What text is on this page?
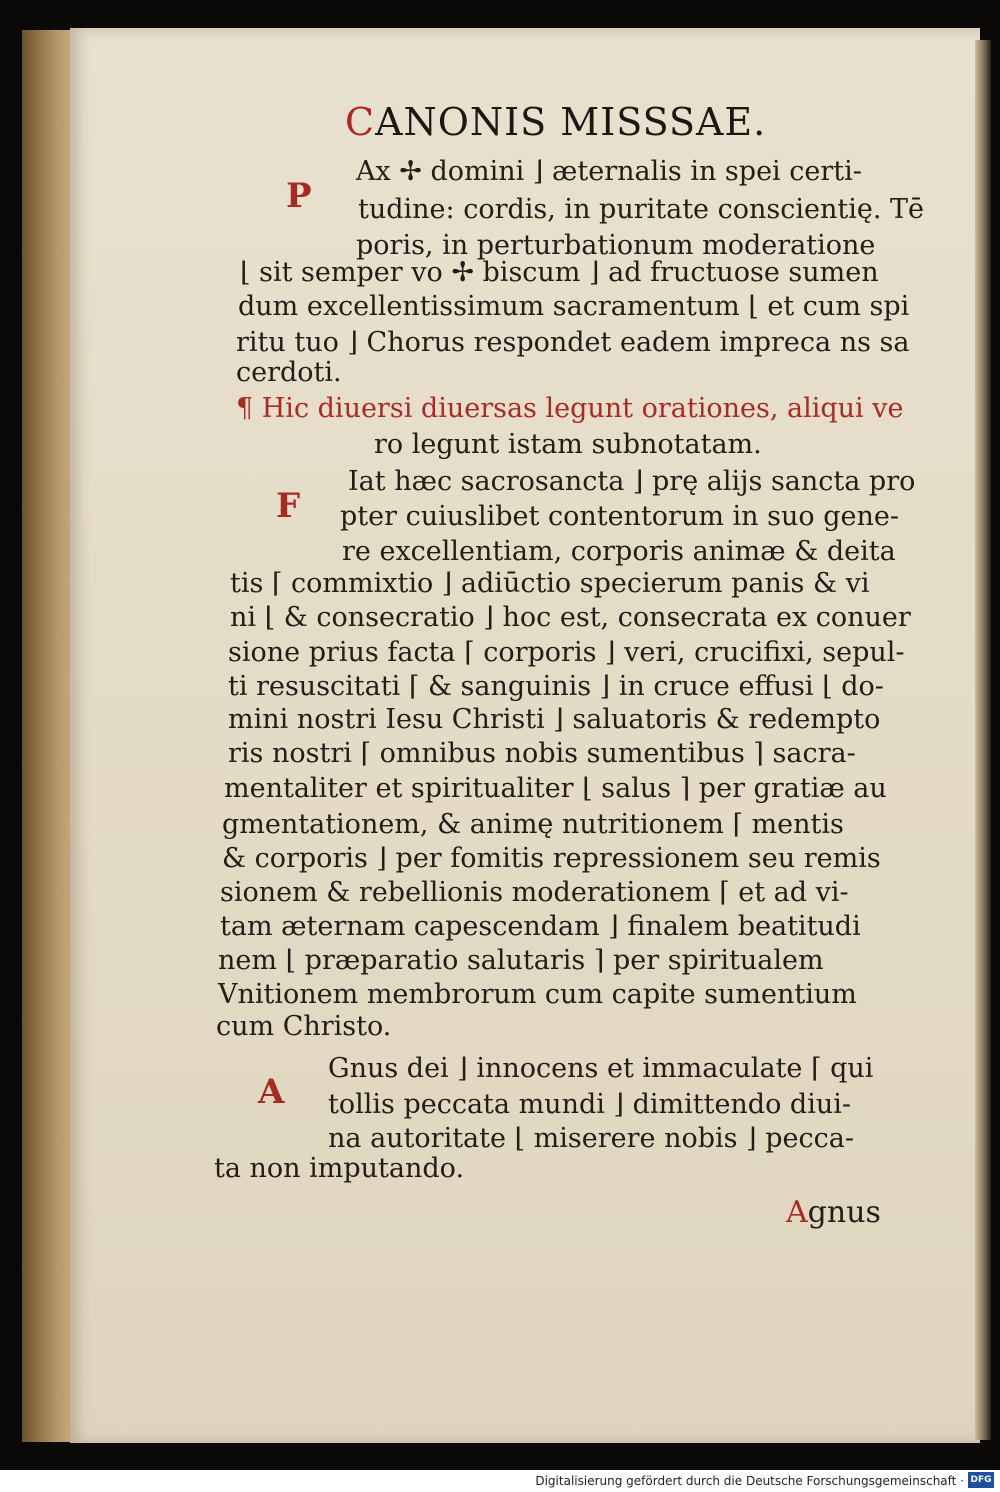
CANONIS MISSSAE.
P
F
A
Ax ✢ domini ⌋ æternalis in spei certi-
tudine: cordis, in puritate conscientię. Tē
poris, in perturbationum moderatione
⌊ sit semper vo ✢ biscum ⌋ ad fructuose sumen
dum excellentissimum sacramentum ⌊ et cum spi
ritu tuo ⌋ Chorus respondet eadem impreca ns sa
cerdoti.
¶ Hic diuersi diuersas legunt orationes, aliqui ve
ro legunt istam subnotatam.
Iat hæc sacrosancta ⌋ prę alijs sancta pro
pter cuiuslibet contentorum in suo gene-
re excellentiam, corporis animæ & deita
tis ⌈ commixtio ⌋ adiūctio specierum panis & vi
ni ⌊ & consecratio ⌋ hoc est, consecrata ex conuer
sione prius facta ⌈ corporis ⌋ veri, crucifixi, sepul-
ti resuscitati ⌈ & sanguinis ⌋ in cruce effusi ⌊ do-
mini nostri Iesu Christi ⌋ saluatoris & redempto
ris nostri ⌈ omnibus nobis sumentibus ⌉ sacra-
mentaliter et spiritualiter ⌊ salus ⌉ per gratiæ au
gmentationem, & animę nutritionem ⌈ mentis
& corporis ⌋ per fomitis repressionem seu remis
sionem & rebellionis moderationem ⌈ et ad vi-
tam æternam capescendam ⌋ finalem beatitudi
nem ⌊ præparatio salutaris ⌉ per spiritualem
Vnitionem membrorum cum capite sumentium
cum Christo.
Gnus dei ⌋ innocens et immaculate ⌈ qui
tollis peccata mundi ⌋ dimittendo diui-
na autoritate ⌊ miserere nobis ⌋ pecca-
ta non imputando.
Agnus
Digitalisierung gefördert durch die Deutsche Forschungsgemeinschaft · DFG
